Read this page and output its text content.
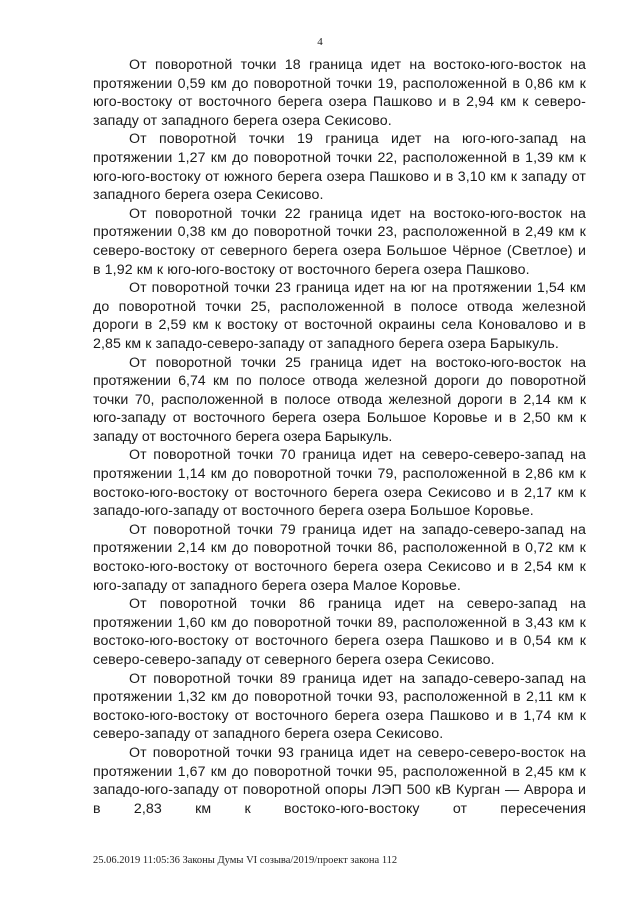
4

От поворотной точки 18 граница идет на востоко-юго-восток на протяжении 0,59 км до поворотной точки 19, расположенной в 0,86 км к юго-востоку от восточного берега озера Пашково и в 2,94 км к северо-западу от западного берега озера Секисово.

От поворотной точки 19 граница идет на юго-юго-запад на протяжении 1,27 км до поворотной точки 22, расположенной в 1,39 км к юго-юго-востоку от южного берега озера Пашково и в 3,10 км к западу от западного берега озера Секисово.

От поворотной точки 22 граница идет на востоко-юго-восток на протяжении 0,38 км до поворотной точки 23, расположенной в 2,49 км к северо-востоку от северного берега озера Большое Чёрное (Светлое) и в 1,92 км к юго-юго-востоку от восточного берега озера Пашково.

От поворотной точки 23 граница идет на юг на протяжении 1,54 км до поворотной точки 25, расположенной в полосе отвода железной дороги в 2,59 км к востоку от восточной окраины села Коновалово и в 2,85 км к западо-северо-западу от западного берега озера Барыкуль.

От поворотной точки 25 граница идет на востоко-юго-восток на протяжении 6,74 км по полосе отвода железной дороги до поворотной точки 70, расположенной в полосе отвода железной дороги в 2,14 км к юго-западу от восточного берега озера Большое Коровье и в 2,50 км к западу от восточного берега озера Барыкуль.

От поворотной точки 70 граница идет на северо-северо-запад на протяжении 1,14 км до поворотной точки 79, расположенной в 2,86 км к востоко-юго-востоку от восточного берега озера Секисово и в 2,17 км к западо-юго-западу от восточного берега озера Большое Коровье.

От поворотной точки 79 граница идет на западо-северо-запад на протяжении 2,14 км до поворотной точки 86, расположенной в 0,72 км к востоко-юго-востоку от восточного берега озера Секисово и в 2,54 км к юго-западу от западного берега озера Малое Коровье.

От поворотной точки 86 граница идет на северо-запад на протяжении 1,60 км до поворотной точки 89, расположенной в 3,43 км к востоко-юго-востоку от восточного берега озера Пашково и в 0,54 км к северо-северо-западу от северного берега озера Секисово.

От поворотной точки 89 граница идет на западо-северо-запад на протяжении 1,32 км до поворотной точки 93, расположенной в 2,11 км к востоко-юго-востоку от восточного берега озера Пашково и в 1,74 км к северо-западу от западного берега озера Секисово.

От поворотной точки 93 граница идет на северо-северо-восток на протяжении 1,67 км до поворотной точки 95, расположенной в 2,45 км к западо-юго-западу от поворотной опоры ЛЭП 500 кВ Курган — Аврора и в 2,83 км к востоко-юго-востоку от пересечения

25.06.2019 11:05:36 Законы Думы VI созыва/2019/проект закона 112
